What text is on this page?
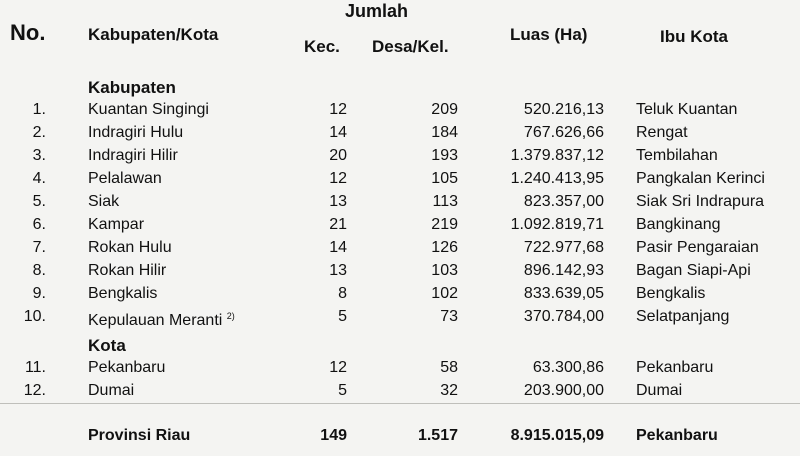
No.	Kabupaten/Kota
Jumlah
Kec. Desa/Kel.
Luas (Ha)	Ibu Kota
Kabupaten
1.	Kuantan Singingi	12	209	520.216,13 Teluk Kuantan
2.	Indragiri Hulu	14	184	767.626,66 Rengat
3.	Indragiri Hilir	20	193	1.379.837,12 Tembilahan
4.	Pelalawan	12	105	1.240.413,95 Pangkalan Kerinci
5.	Siak	13	113	823.357,00 Siak Sri Indrapura
6.	Kampar	21	219	1.092.819,71 Bangkinang
7.	Rokan Hulu	14	126	722.977,68 Pasir Pengaraian
8.	Rokan Hilir	13	103	896.142,93 Bagan Siapi-Api
9.	Bengkalis	8	102	833.639,05 Bengkalis
10.	Kepulauan Meranti $^{2)}$	5	73	370.784,00 Selatpanjang
Kota
11.	Pekanbaru	12	58	63.300,86 Pekanbaru
12.	Dumai	5	32	203.900,00 Dumai
Provinsi Riau	149	1.517	8.915.015,09 Pekanbaru
